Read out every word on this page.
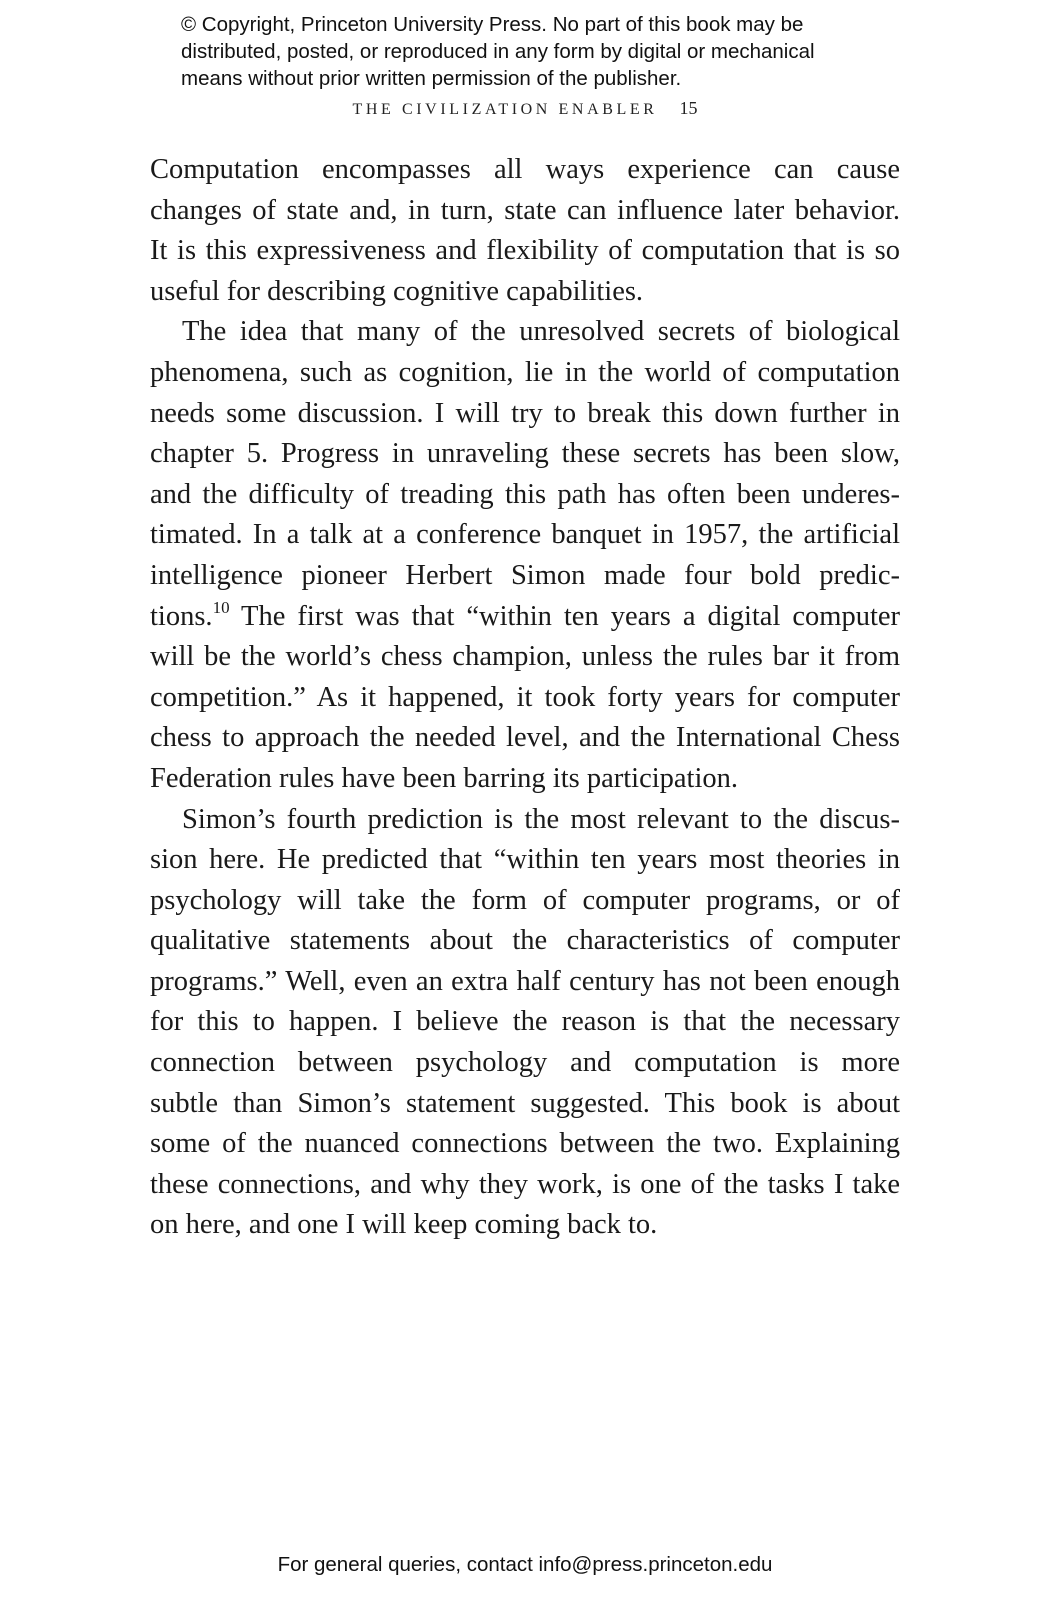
© Copyright, Princeton University Press. No part of this book may be
distributed, posted, or reproduced in any form by digital or mechanical
means without prior written permission of the publisher.
THE CIVILIZATION ENABLER 15
Computation encompasses all ways experience can cause
changes of state and, in turn, state can influence later behavior.
It is this expressiveness and flexibility of computation that is so
useful for describing cognitive capabilities.
The idea that many of the unresolved secrets of biological
phenomena, such as cognition, lie in the world of computation
needs some discussion. I will try to break this down further in
chapter 5. Progress in unraveling these secrets has been slow,
and the difficulty of treading this path has often been underes-
timated. In a talk at a conference banquet in 1957, the artificial
intelligence pioneer Herbert Simon made four bold predic-
tions.$^{10}$ The first was that “within ten years a digital computer
will be the world’s chess champion, unless the rules bar it from
competition.” As it happened, it took forty years for computer
chess to approach the needed level, and the International Chess
Federation rules have been barring its participation.
Simon’s fourth prediction is the most relevant to the discus-
sion here. He predicted that “within ten years most theories in
psychology will take the form of computer programs, or of
qualitative statements about the characteristics of computer
programs.” Well, even an extra half century has not been enough
for this to happen. I believe the reason is that the necessary
connection between psychology and computation is more
subtle than Simon’s statement suggested. This book is about
some of the nuanced connections between the two. Explaining
these connections, and why they work, is one of the tasks I take
on here, and one I will keep coming back to.
For general queries, contact info@press.princeton.edu
